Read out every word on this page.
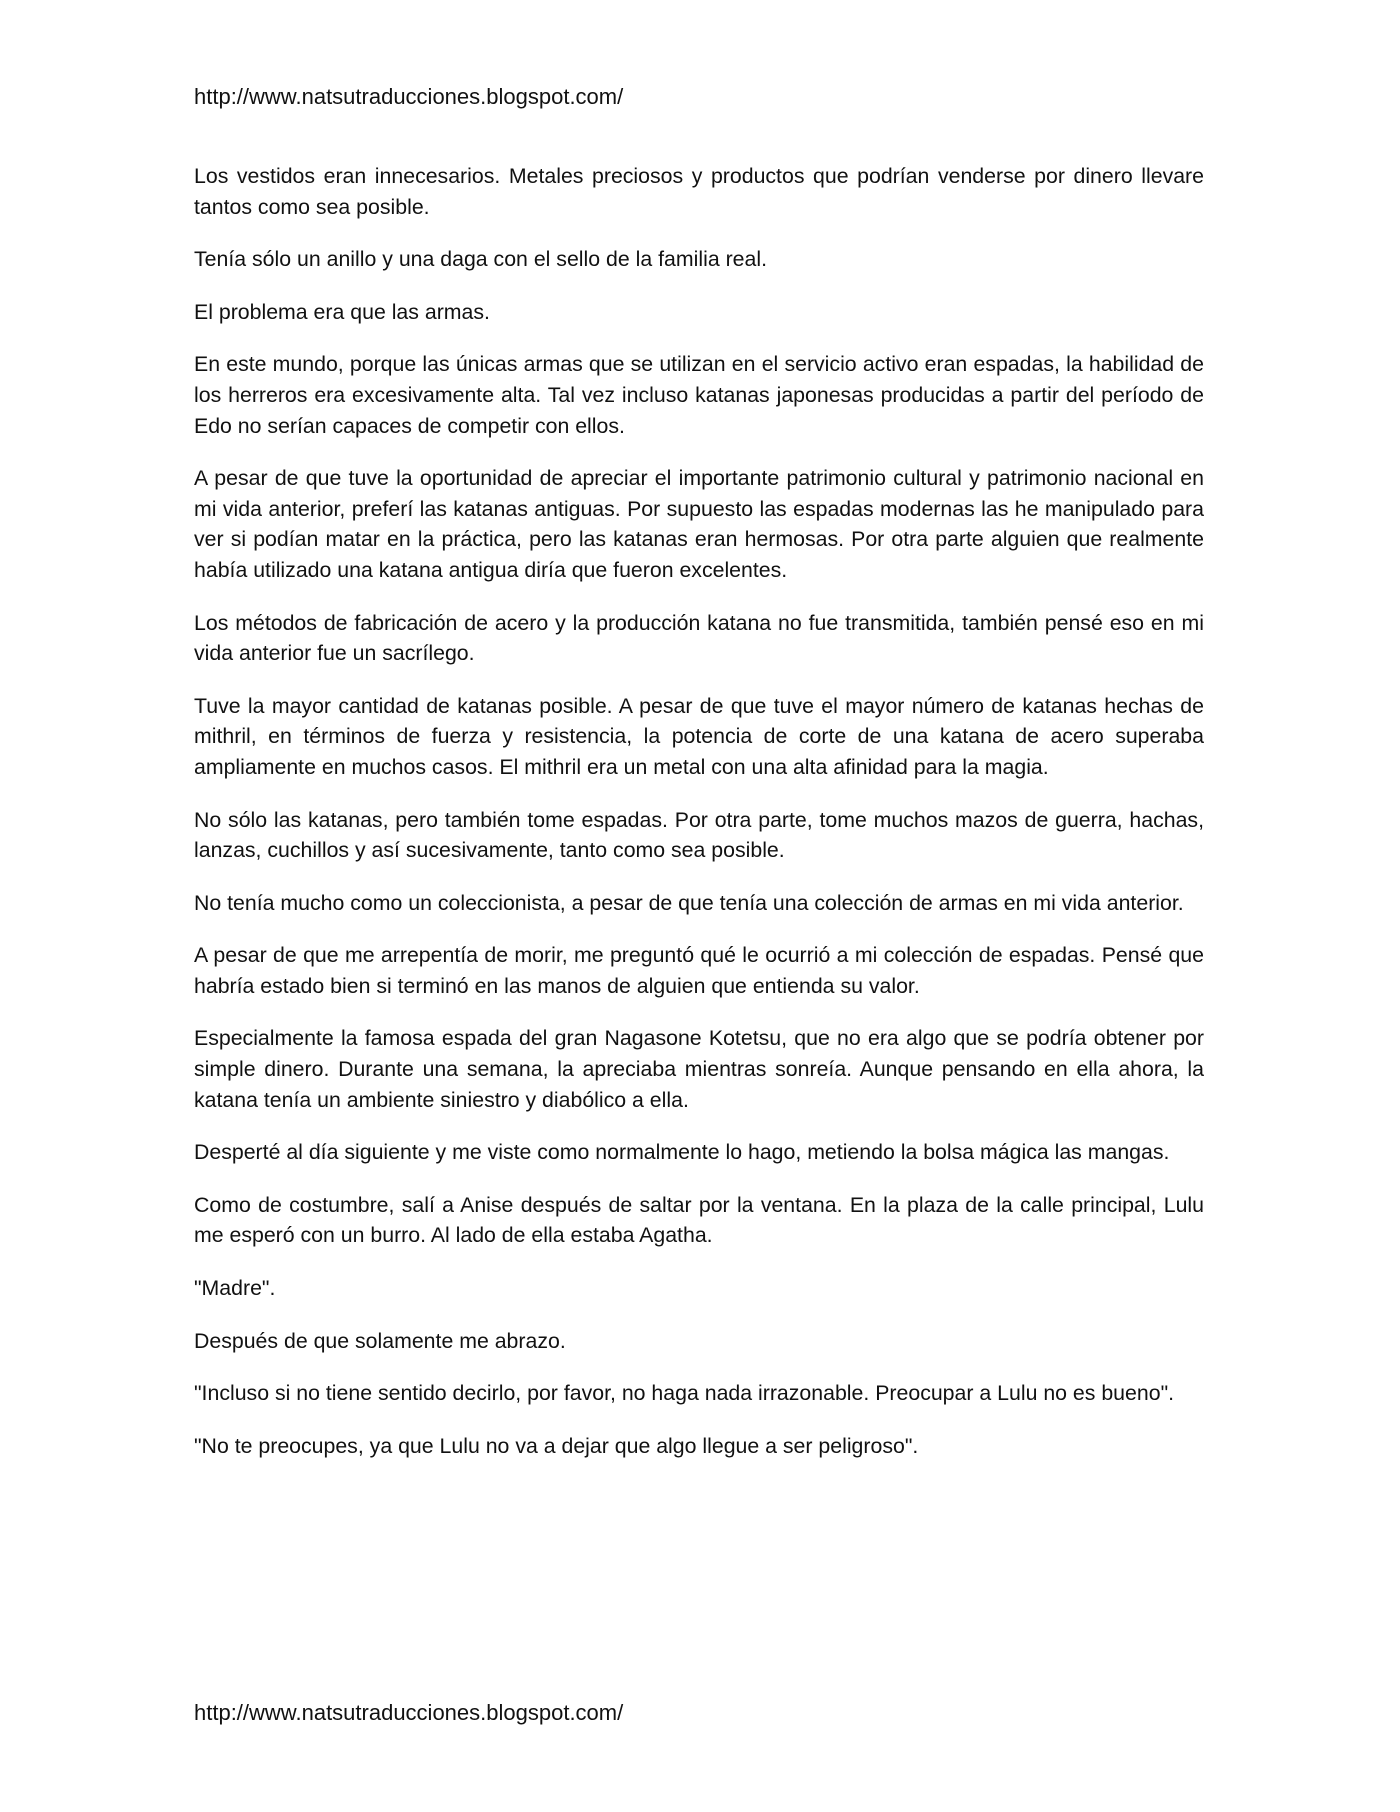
http://www.natsutraducciones.blogspot.com/

Los vestidos eran innecesarios. Metales preciosos y productos que podrían venderse por dinero llevare tantos como sea posible.

Tenía sólo un anillo y una daga con el sello de la familia real.

El problema era que las armas.

En este mundo, porque las únicas armas que se utilizan en el servicio activo eran espadas, la habilidad de los herreros era excesivamente alta. Tal vez incluso katanas japonesas producidas a partir del período de Edo no serían capaces de competir con ellos.

A pesar de que tuve la oportunidad de apreciar el importante patrimonio cultural y patrimonio nacional en mi vida anterior, preferí las katanas antiguas. Por supuesto las espadas modernas las he manipulado para ver si podían matar en la práctica, pero las katanas eran hermosas. Por otra parte alguien que realmente había utilizado una katana antigua diría que fueron excelentes.

Los métodos de fabricación de acero y la producción katana no fue transmitida, también pensé eso en mi vida anterior fue un sacrílego.

Tuve la mayor cantidad de katanas posible. A pesar de que tuve el mayor número de katanas hechas de mithril, en términos de fuerza y resistencia, la potencia de corte de una katana de acero superaba ampliamente en muchos casos. El mithril era un metal con una alta afinidad para la magia.

No sólo las katanas, pero también tome espadas. Por otra parte, tome muchos mazos de guerra, hachas, lanzas, cuchillos y así sucesivamente, tanto como sea posible.

No tenía mucho como un coleccionista, a pesar de que tenía una colección de armas en mi vida anterior.

A pesar de que me arrepentía de morir, me preguntó qué le ocurrió a mi colección de espadas. Pensé que habría estado bien si terminó en las manos de alguien que entienda su valor.

Especialmente la famosa espada del gran Nagasone Kotetsu, que no era algo que se podría obtener por simple dinero. Durante una semana, la apreciaba mientras sonreía. Aunque pensando en ella ahora, la katana tenía un ambiente siniestro y diabólico a ella.

Desperté al día siguiente y me viste como normalmente lo hago, metiendo la bolsa mágica las mangas.

Como de costumbre, salí a Anise después de saltar por la ventana. En la plaza de la calle principal, Lulu me esperó con un burro. Al lado de ella estaba Agatha.

"Madre".

Después de que solamente me abrazo.

"Incluso si no tiene sentido decirlo, por favor, no haga nada irrazonable. Preocupar a Lulu no es bueno".

"No te preocupes, ya que Lulu no va a dejar que algo llegue a ser peligroso".

http://www.natsutraducciones.blogspot.com/
